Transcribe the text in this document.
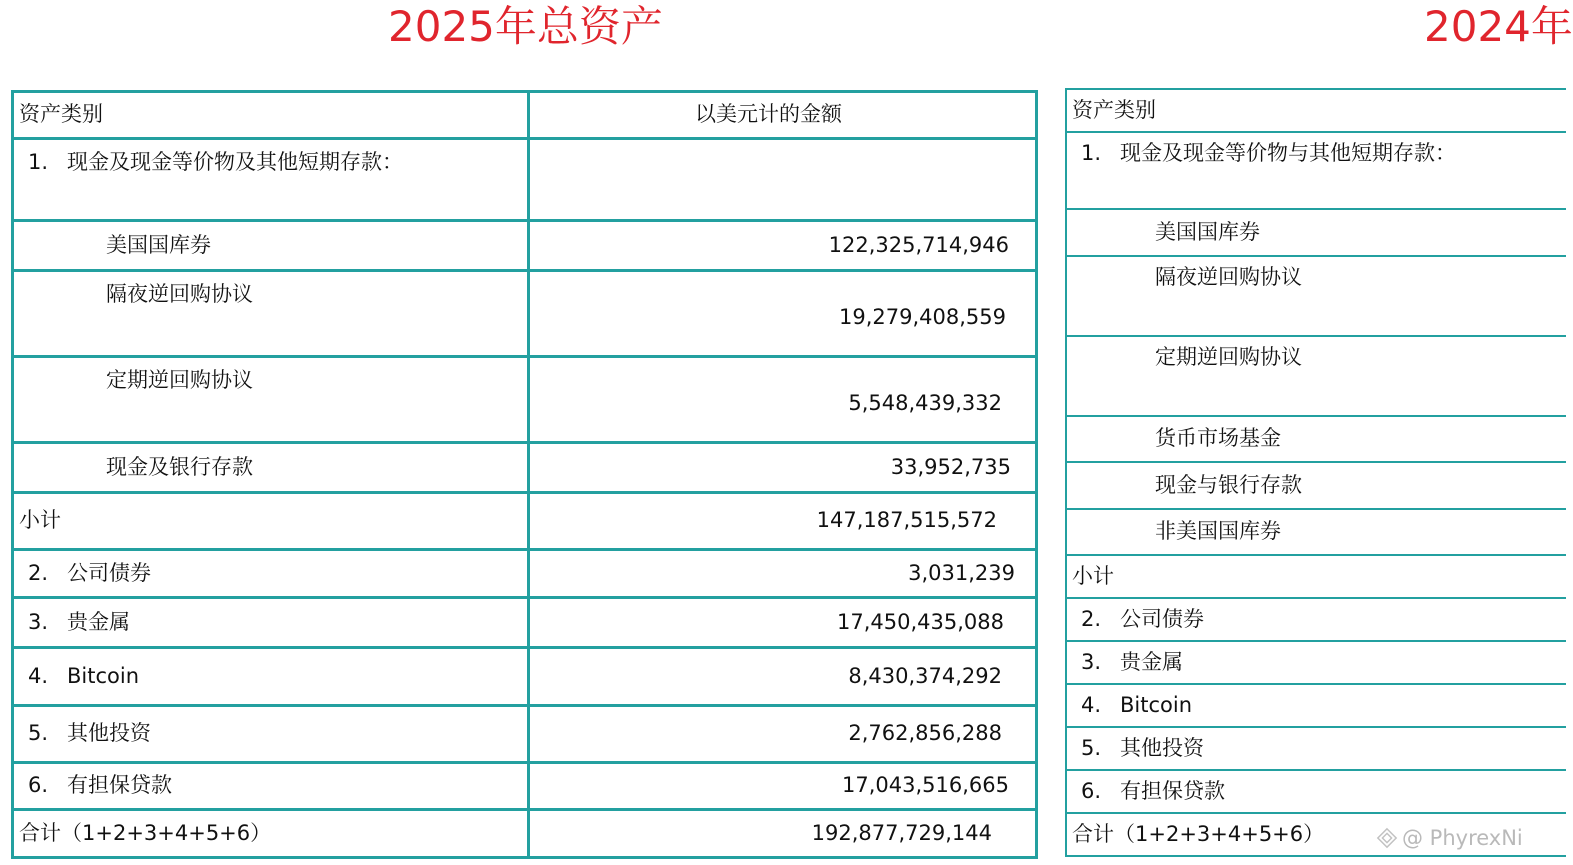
2025年总资产	2024年
资产类别	以美元计的金额

1. 现金及现金等价物及其他短期存款：	

美国国库券	122,325,714,946

隔夜逆回购协议	19,279,408,559

定期逆回购协议	5,548,439,332

现金及银行存款	33,952,735

小计	147,187,515,572

2. 公司债券	3,031,239

3. 贵金属	17,450,435,088

4. Bitcoin	8,430,374,292

5. 其他投资	2,762,856,288

6. 有担保贷款	17,043,516,665

合计（1+2+3+4+5+6）	192,877,729,144
资产类别

1. 现金及现金等价物与其他短期存款：

美国国库券

隔夜逆回购协议

定期逆回购协议

货币市场基金

现金与银行存款

非美国国库券

小计

2. 公司债券

3. 贵金属

4. Bitcoin

5. 其他投资

6. 有担保贷款

合计（1+2+3+4+5+6）	@ PhyrexNi
